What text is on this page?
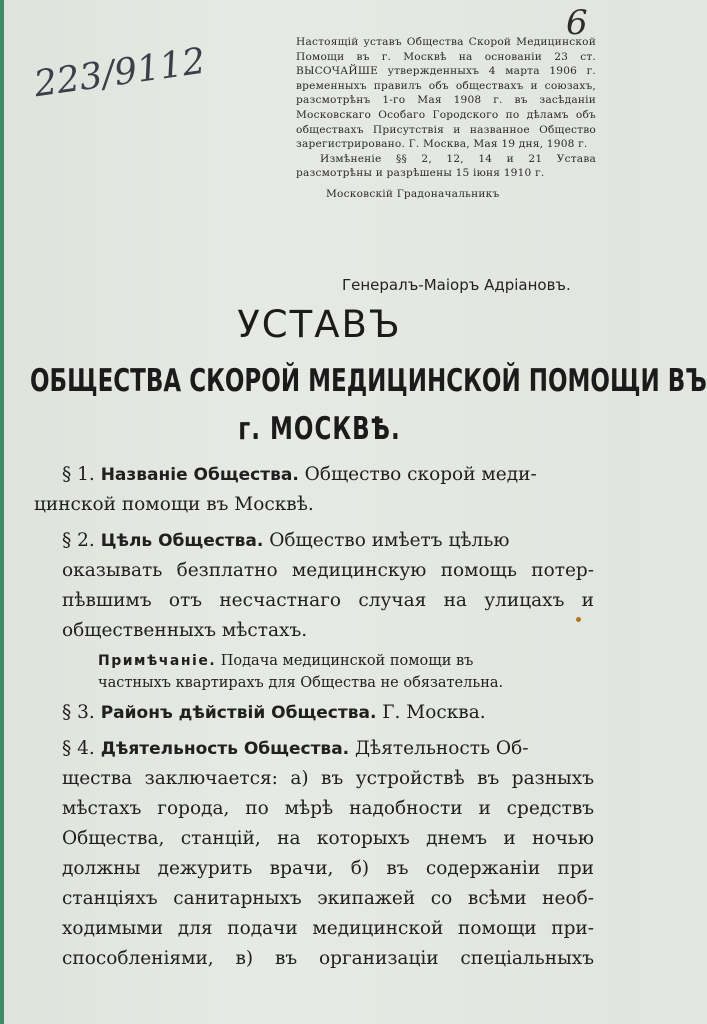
223/9112
6

Настоящій уставъ Общества Скорой Медицинской Помощи въ г. Москвѣ на основаніи 23 ст. ВЫСОЧАЙШЕ утвержденныхъ 4 марта 1906 г. временныхъ правилъ объ обществахъ и союзахъ, разсмотрѣнъ 1-го Мая 1908 г. въ засѣданіи Московскаго Особаго Городского по дѣламъ объ обществахъ Присутствія и названное Общество зарегистрировано. Г. Москва, Мая 19 дня, 1908 г.

Измѣненіе §§ 2, 12, 14 и 21 Устава разсмотрѣны и разрѣшены 15 іюня 1910 г.

Московскій Градоначальникъ

Генералъ-Маіоръ Адріановъ.
УСТАВЪ
ОБЩЕСТВА СКОРОЙ МЕДИЦИНСКОЙ ПОМОЩИ ВЪ
г. МОСКВѢ.

§ 1. Названіе Общества. Общество скорой меди-
цинской помощи въ Москвѣ.

§ 2. Цѣль Общества. Общество имѣетъ цѣлью
оказывать безплатно медицинскую помощь потер-
пѣвшимъ отъ несчастнаго случая на улицахъ и
общественныхъ мѣстахъ.

Примѣчаніе. Подача медицинской помощи въ
частныхъ квартирахъ для Общества не обязательна.

§ 3. Районъ дѣйствій Общества. Г. Москва.

§ 4. Дѣятельность Общества. Дѣятельность Об-
щества заключается: а) въ устройствѣ въ разныхъ
мѣстахъ города, по мѣрѣ надобности и средствъ
Общества, станцій, на которыхъ днемъ и ночью
должны дежурить врачи, б) въ содержаніи при
станціяхъ санитарныхъ экипажей со всѣми необ-
ходимыми для подачи медицинской помощи при-
способленіями, в) въ организаціи спеціальныхъ
